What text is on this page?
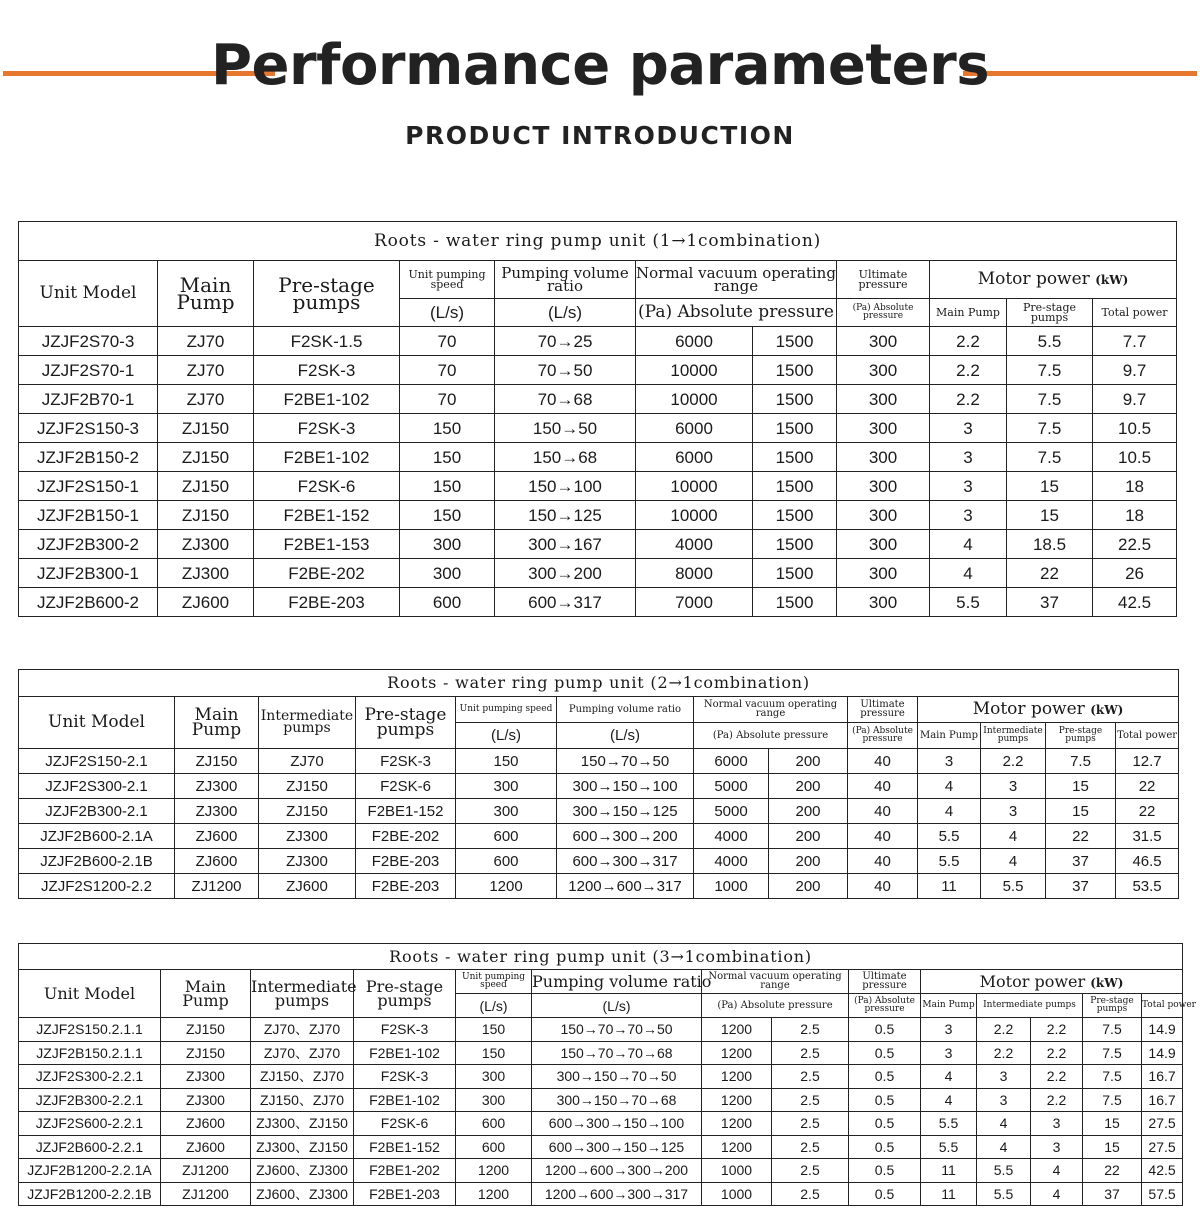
Performance parameters
PRODUCT INTRODUCTION
Roots - water ring pump unit (1→1combination)										
Unit Model	Main Pump	Pre-stage pumps	Unit pumping speed	Pumping volume ratio	Normal vacuum operating range		Ultimate pressure	Motor power (kW)		
			(L/s)	(L/s)	(Pa) Absolute pressure		(Pa) Absolute pressure	Main Pump	Pre-stage pumps	Total power
JZJF2S70-3	ZJ70	F2SK-1.5	70	70→25	6000	1500	300	2.2	5.5	7.7
JZJF2S70-1	ZJ70	F2SK-3	70	70→50	10000	1500	300	2.2	7.5	9.7
JZJF2B70-1	ZJ70	F2BE1-102	70	70→68	10000	1500	300	2.2	7.5	9.7
JZJF2S150-3	ZJ150	F2SK-3	150	150→50	6000	1500	300	3	7.5	10.5
JZJF2B150-2	ZJ150	F2BE1-102	150	150→68	6000	1500	300	3	7.5	10.5
JZJF2S150-1	ZJ150	F2SK-6	150	150→100	10000	1500	300	3	15	18
JZJF2B150-1	ZJ150	F2BE1-152	150	150→125	10000	1500	300	3	15	18
JZJF2B300-2	ZJ300	F2BE1-153	300	300→167	4000	1500	300	4	18.5	22.5
JZJF2B300-1	ZJ300	F2BE-202	300	300→200	8000	1500	300	4	22	26
JZJF2B600-2	ZJ600	F2BE-203	600	600→317	7000	1500	300	5.5	37	42.5
Roots - water ring pump unit (2→1combination)												
Unit Model	Main Pump	Intermediate pumps	Pre-stage pumps	Unit pumping speed	Pumping volume ratio	Normal vacuum operating range		Ultimate pressure	Motor power (kW)			
				(L/s)	(L/s)	(Pa) Absolute pressure		(Pa) Absolute pressure	Main Pump	Intermediate pumps	Pre-stage pumps	Total power
JZJF2S150-2.1	ZJ150	ZJ70	F2SK-3	150	150→70→50	6000	200	40	3	2.2	7.5	12.7
JZJF2S300-2.1	ZJ300	ZJ150	F2SK-6	300	300→150→100	5000	200	40	4	3	15	22
JZJF2B300-2.1	ZJ300	ZJ150	F2BE1-152	300	300→150→125	5000	200	40	4	3	15	22
JZJF2B600-2.1A	ZJ600	ZJ300	F2BE-202	600	600→300→200	4000	200	40	5.5	4	22	31.5
JZJF2B600-2.1B	ZJ600	ZJ300	F2BE-203	600	600→300→317	4000	200	40	5.5	4	37	46.5
JZJF2S1200-2.2	ZJ1200	ZJ600	F2BE-203	1200	1200→600→317	1000	200	40	11	5.5	37	53.5
Roots - water ring pump unit (3→1combination)													
Unit Model	Main Pump	Intermediate pumps	Pre-stage pumps	Unit pumping speed	Pumping volume ratio	Normal vacuum operating range		Ultimate pressure	Motor power (kW)				
				(L/s)	(L/s)	(Pa) Absolute pressure		(Pa) Absolute pressure	Main Pump	Intermediate pumps		Pre-stage pumps	Total power
JZJF2S150.2.1.1	ZJ150	ZJ70、ZJ70	F2SK-3	150	150→70→70→50	1200	2.5	0.5	3	2.2	2.2	7.5	14.9
JZJF2B150.2.1.1	ZJ150	ZJ70、ZJ70	F2BE1-102	150	150→70→70→68	1200	2.5	0.5	3	2.2	2.2	7.5	14.9
JZJF2S300-2.2.1	ZJ300	ZJ150、ZJ70	F2SK-3	300	300→150→70→50	1200	2.5	0.5	4	3	2.2	7.5	16.7
JZJF2B300-2.2.1	ZJ300	ZJ150、ZJ70	F2BE1-102	300	300→150→70→68	1200	2.5	0.5	4	3	2.2	7.5	16.7
JZJF2S600-2.2.1	ZJ600	ZJ300、ZJ150	F2SK-6	600	600→300→150→100	1200	2.5	0.5	5.5	4	3	15	27.5
JZJF2B600-2.2.1	ZJ600	ZJ300、ZJ150	F2BE1-152	600	600→300→150→125	1200	2.5	0.5	5.5	4	3	15	27.5
JZJF2B1200-2.2.1A	ZJ1200	ZJ600、ZJ300	F2BE1-202	1200	1200→600→300→200	1000	2.5	0.5	11	5.5	4	22	42.5
JZJF2B1200-2.2.1B	ZJ1200	ZJ600、ZJ300	F2BE1-203	1200	1200→600→300→317	1000	2.5	0.5	11	5.5	4	37	57.5
